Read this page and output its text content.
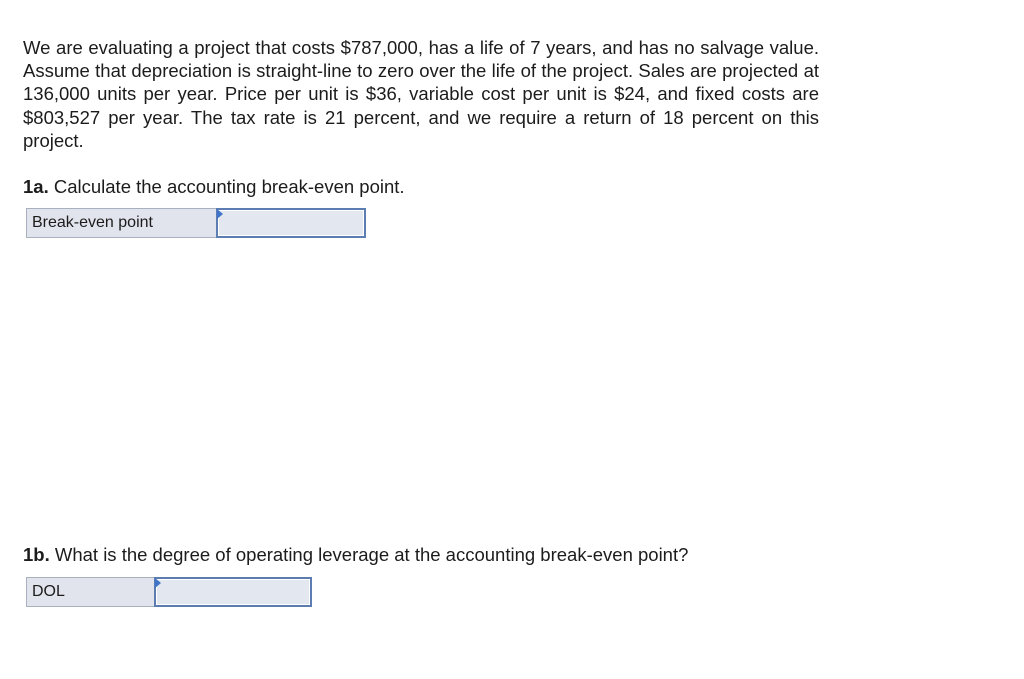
We are evaluating a project that costs $787,000, has a life of 7 years, and has no salvage value. Assume that depreciation is straight-line to zero over the life of the project. Sales are projected at 136,000 units per year. Price per unit is $36, variable cost per unit is $24, and fixed costs are $803,527 per year. The tax rate is 21 percent, and we require a return of 18 percent on this project.

1a. Calculate the accounting break-even point.

Break-even point

1b. What is the degree of operating leverage at the accounting break-even point?

DOL
